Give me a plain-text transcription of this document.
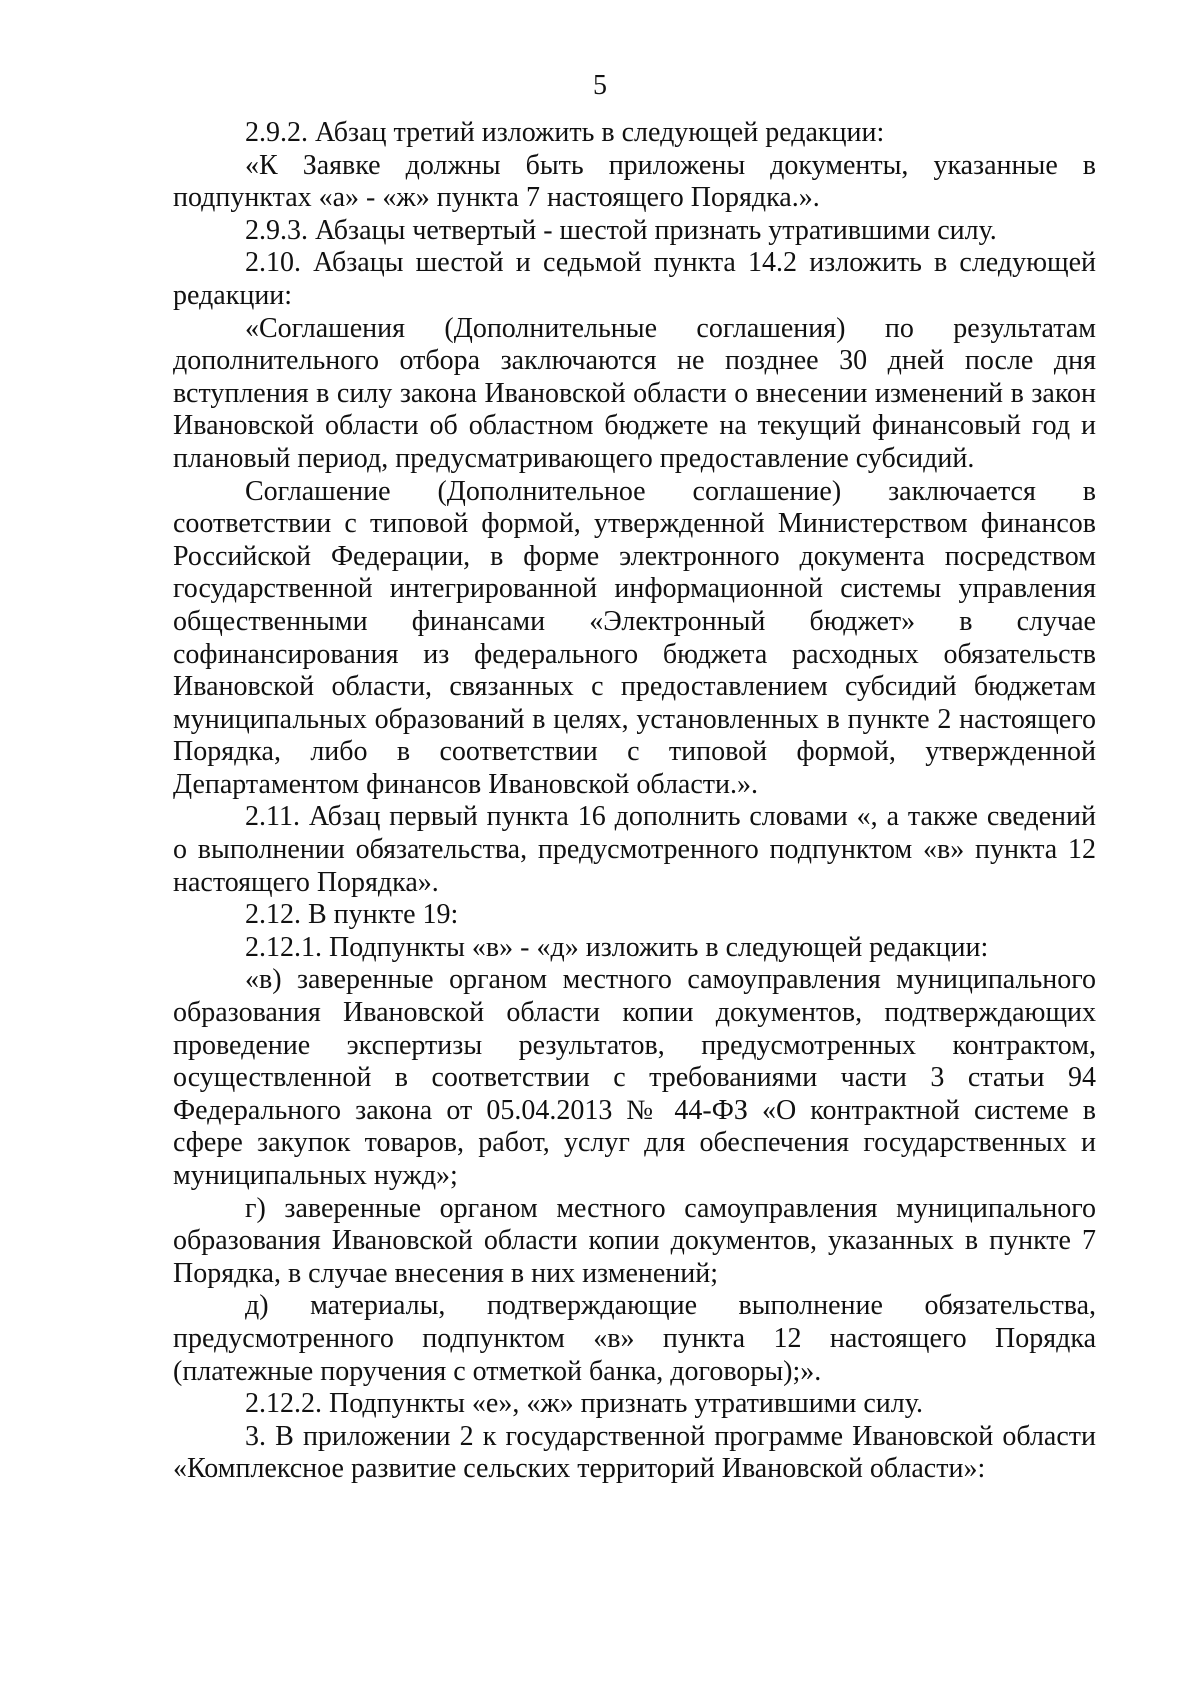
5

2.9.2. Абзац третий изложить в следующей редакции:

«К Заявке должны быть приложены документы, указанные в подпунктах «а» - «ж» пункта 7 настоящего Порядка.».

2.9.3. Абзацы четвертый - шестой признать утратившими силу.

2.10. Абзацы шестой и седьмой пункта 14.2 изложить в следующей редакции:

«Соглашения (Дополнительные соглашения) по результатам дополнительного отбора заключаются не позднее 30 дней после дня вступления в силу закона Ивановской области о внесении изменений в закон Ивановской области об областном бюджете на текущий финансовый год и плановый период, предусматривающего предоставление субсидий.

Соглашение (Дополнительное соглашение) заключается в соответствии с типовой формой, утвержденной Министерством финансов Российской Федерации, в форме электронного документа посредством государственной интегрированной информационной системы управления общественными финансами «Электронный бюджет» в случае софинансирования из федерального бюджета расходных обязательств Ивановской области, связанных с предоставлением субсидий бюджетам муниципальных образований в целях, установленных в пункте 2 настоящего Порядка, либо в соответствии с типовой формой, утвержденной Департаментом финансов Ивановской области.».

2.11. Абзац первый пункта 16 дополнить словами «, а также сведений о выполнении обязательства, предусмотренного подпунктом «в» пункта 12 настоящего Порядка».

2.12. В пункте 19:

2.12.1. Подпункты «в» - «д» изложить в следующей редакции:

«в) заверенные органом местного самоуправления муниципального образования Ивановской области копии документов, подтверждающих проведение экспертизы результатов, предусмотренных контрактом, осуществленной в соответствии с требованиями части 3 статьи 94 Федерального закона от 05.04.2013 № 44-ФЗ «О контрактной системе в сфере закупок товаров, работ, услуг для обеспечения государственных и муниципальных нужд»;

г) заверенные органом местного самоуправления муниципального образования Ивановской области копии документов, указанных в пункте 7 Порядка, в случае внесения в них изменений;

д) материалы, подтверждающие выполнение обязательства, предусмотренного подпунктом «в» пункта 12 настоящего Порядка (платежные поручения с отметкой банка, договоры);».

2.12.2. Подпункты «е», «ж» признать утратившими силу.

3. В приложении 2 к государственной программе Ивановской области «Комплексное развитие сельских территорий Ивановской области»:
